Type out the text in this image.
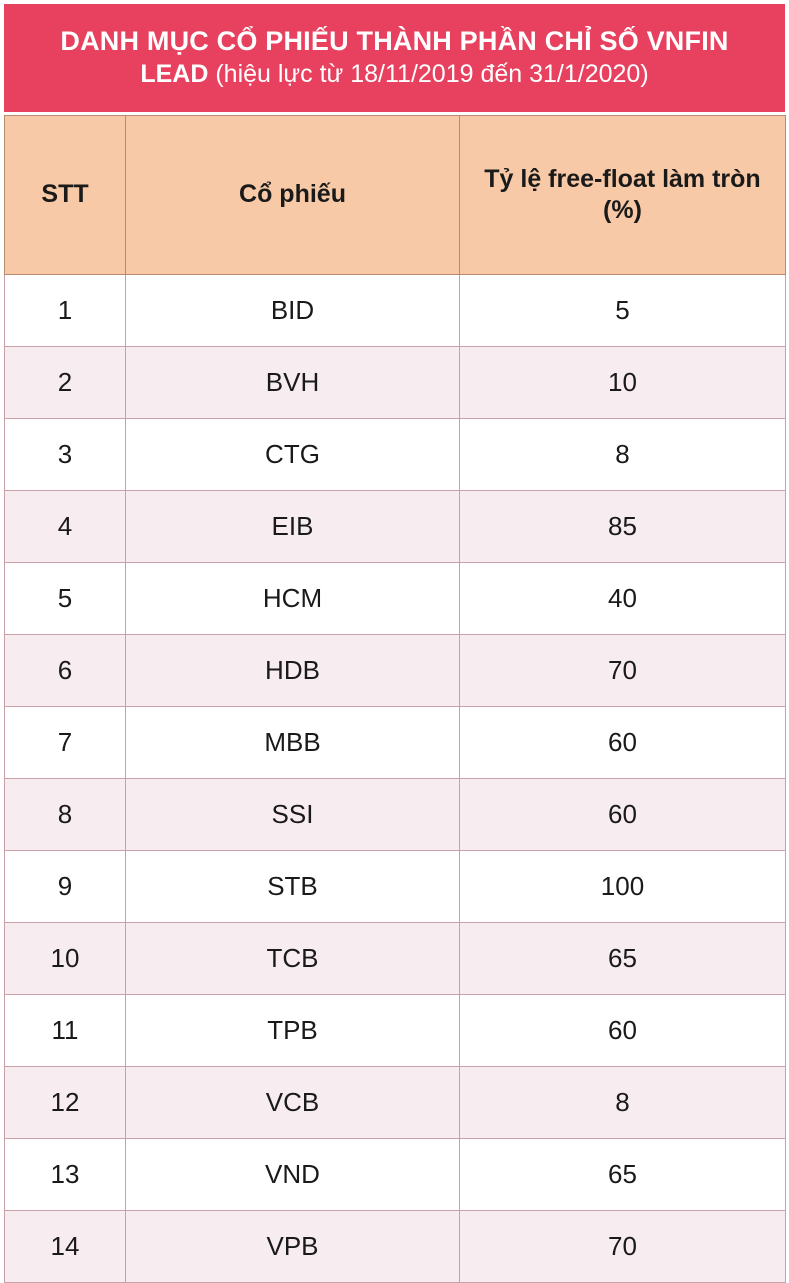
DANH MỤC CỔ PHIẾU THÀNH PHẦN CHỈ SỐ VNFIN
LEAD (hiệu lực từ 18/11/2019 đến 31/1/2020)
STT	Cổ phiếu	Tỷ lệ free-float làm tròn (%)
1	BID	5
2	BVH	10
3	CTG	8
4	EIB	85
5	HCM	40
6	HDB	70
7	MBB	60
8	SSI	60
9	STB	100
10	TCB	65
11	TPB	60
12	VCB	8
13	VND	65
14	VPB	70
